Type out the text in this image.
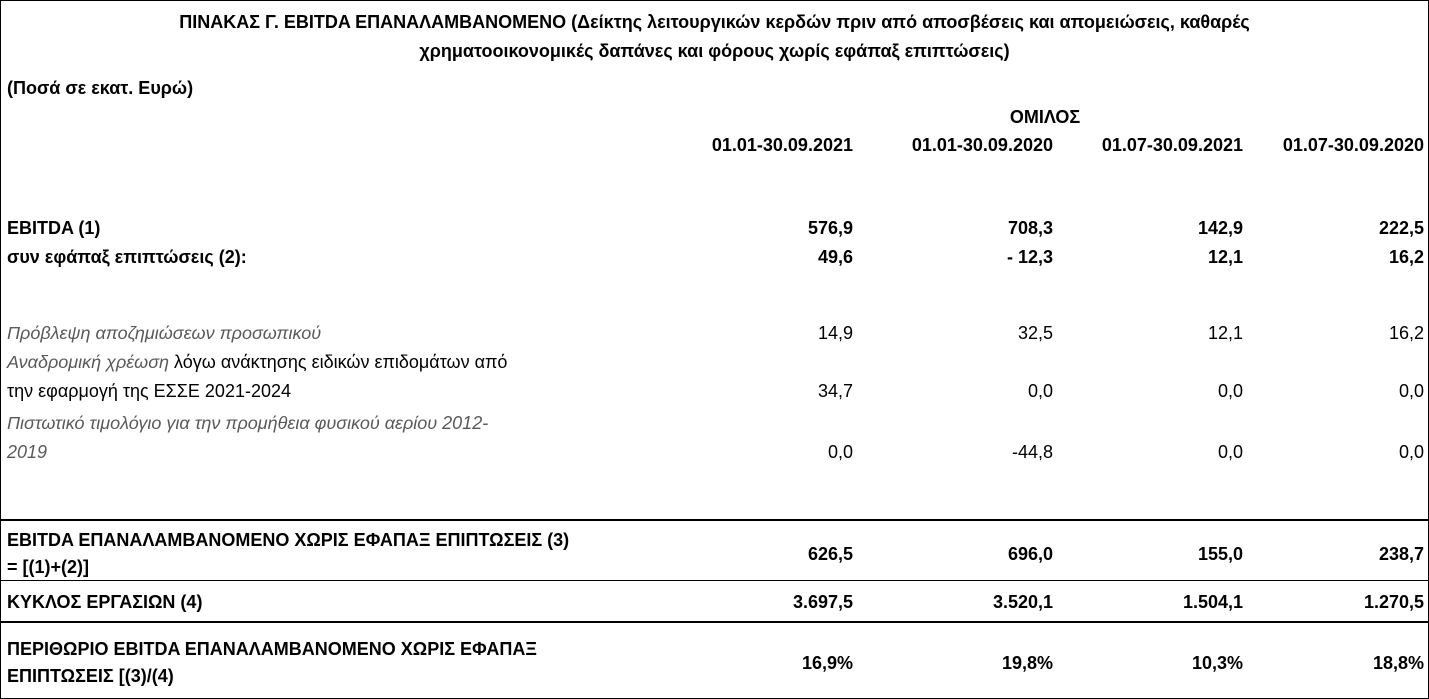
ΠΙΝΑΚΑΣ Γ. EBITDA ΕΠΑΝΑΛΑΜΒΑΝΟΜΕΝΟ (Δείκτης λειτουργικών κερδών πριν από αποσβέσεις και απομειώσεις, καθαρές
χρηματοοικονομικές δαπάνες και φόρους χωρίς εφάπαξ επιπτώσεις)
(Ποσά σε εκατ. Ευρώ)
ΟΜΙΛΟΣ
01.01-30.09.2021	01.01-30.09.2020	01.07-30.09.2021	01.07-30.09.2020
EBITDA (1)	576,9	708,3	142,9	222,5
συν εφάπαξ επιπτώσεις (2):	49,6	- 12,3	12,1	16,2
Πρόβλεψη αποζημιώσεων προσωπικού	14,9	32,5	12,1	16,2
Αναδρομική χρέωση λόγω ανάκτησης ειδικών επιδομάτων από
την εφαρμογή της ΕΣΣΕ 2021-2024	34,7	0,0	0,0	0,0
Πιστωτικό τιμολόγιο για την προμήθεια φυσικού αερίου 2012-
2019	0,0	-44,8	0,0	0,0
EBITDA ΕΠΑΝΑΛΑΜΒΑΝΟΜΕΝΟ ΧΩΡΙΣ ΕΦΑΠΑΞ ΕΠΙΠΤΩΣΕΙΣ (3)
= [(1)+(2)]
626,5	696,0	155,0	238,7
ΚΥΚΛΟΣ ΕΡΓΑΣΙΩΝ (4)	3.697,5	3.520,1	1.504,1	1.270,5
ΠΕΡΙΘΩΡΙΟ EBITDA ΕΠΑΝΑΛΑΜΒΑΝΟΜΕΝΟ ΧΩΡΙΣ ΕΦΑΠΑΞ
ΕΠΙΠΤΩΣΕΙΣ [(3)/(4)
16,9%	19,8%	10,3%	18,8%
